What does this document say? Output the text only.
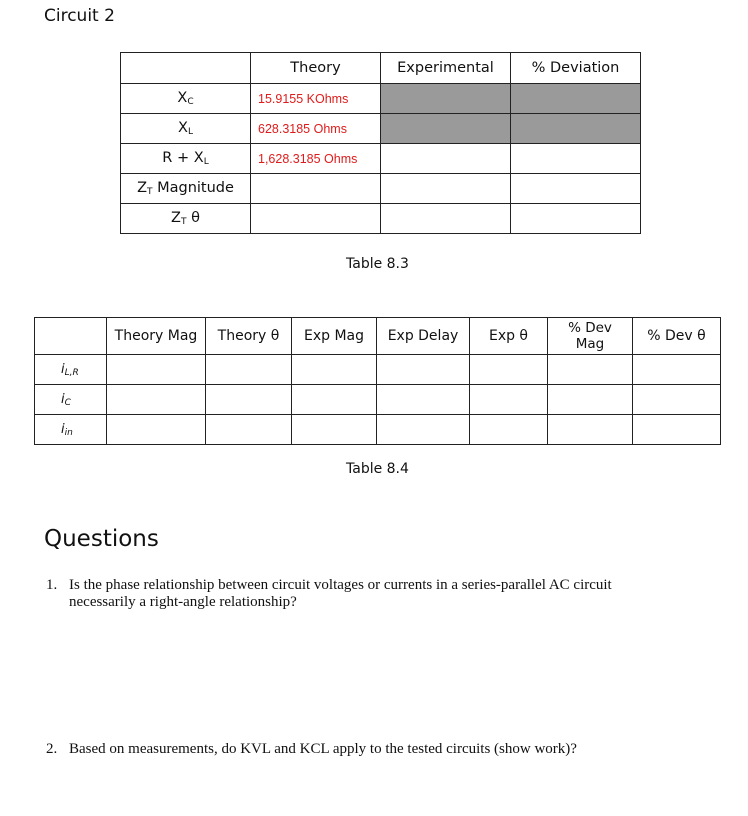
Circuit 2
	Theory	Experimental	% Deviation
$X_C$	15.9155 KOhms		
$X_L$	628.3185 Ohms		
$R + X_L$	1,628.3185 Ohms		
$Z_T$ Magnitude			
$Z_T$ θ			
Table 8.3
	Theory Mag	Theory θ	Exp Mag	Exp Delay	Exp θ	% Dev Mag	% Dev θ
$i_{L,R}$							
$i_C$							
$i_{in}$							
Table 8.4
Questions
1. Is the phase relationship between circuit voltages or currents in a series-parallel AC circuit necessarily a right-angle relationship?
2. Based on measurements, do KVL and KCL apply to the tested circuits (show work)?
